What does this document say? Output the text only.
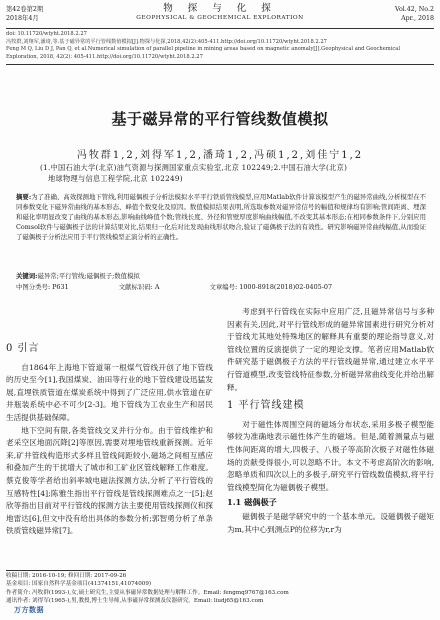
第42卷第2期
2018年4月
物 探 与 化 探
GEOPHYSICAL & GEOCHEMICAL EXPLORATION
Vol.42, No.2
Apr., 2018
doi: 10.11720/wtyht.2018.2.27
冯牧群,刘翔军,潘琦,等.基于磁异常的平行管线数值模拟[J].物探与化探,2018,42(2):405-411.http://doi.org/10.11720/wtyht.2018.2.27
Feng M Q, Liu D J, Pan Q, et al.Numerical simulation of parallel pipeline in mining areas based on magnetic anomaly[J].Geophysical and Geochemical
Exploration, 2018, 42(2): 405-411.http://doi.org/10.11720/wtyht.2018.2.27
基于磁异常的平行管线数值模拟
冯牧群1,2,刘得军1,2,潘琦1,2,冯硕1,2,刘佳宁1,2
(1.中国石油大学(北京)油气资源与探测国家重点实验室,北京 102249;2.中国石油大学(北京)
地球物理与信息工程学院,北京 102249)
摘要:为了准确、高效探测地下管线,利用磁偶极子分析法模拟水平平行铁质管线模型,应用Matlab软件计算该模型产生的磁异常曲线,分析模型在不同参数变化下磁异常曲线的基本形态、峰值个数变化及原因。数值模拟结果表明,所选取参数对磁异常信号的幅值和规律均有影响;管间距离、埋深和磁化率明显改变了曲线的基本形态,影响曲线峰值个数;管线长度、外径和管壁厚度影响曲线幅值,不改变其基本形态;在相同参数条件下,分别应用Comsol软件与磁偶极子法的计算结果对比,结果归一化后对比发现曲线形状吻合,验证了磁偶极子法的有效性。研究影响磁异常曲线幅值,从而验证了磁偶极子分析法应用于平行管线模型正演分析的正确性。
关键词:磁异常;平行管线;磁偶极子;数值模拟
中图分类号: P631	文献标识码: A	文章编号: 1000-8918(2018)02-0405-07
0 引言

自1864年上海地下管道第一根煤气管线开创了地下管线的历史至今[1],我国煤炭、油田等行业的地下管线建设迅猛发展,直埋铁质管道在煤炭系统中得到了广泛应用,供水管道在矿井瓶装系统中必不可少[2-3]。地下管线为工农业生产和居民生活提供基础保障。

地下空间有限,各类管线交叉并行分布。由于管线维护和老采空区地面沉降[2]等原因,需要对埋地管线重新探测。近年来,矿井管线构造形式多样且管线间距较小,磁场之间相互感应和叠加产生的干扰增大了城市和工矿业区管线解释工作难度。蔡克俊等学者给出斜率城电磁法探测方法,分析了平行管线的互感特性[4];陈雅生指出平行管线是管线探测难点之一[5];赵欣等指出目前对平行管线的探测方法主要使用管线探测仪和探地雷达[6],但文中没有给出具体的参数分析;郭智勇分析了单条铁质管线磁异常[7]。

考虑到平行管线在实际中应用广泛,且磁异常信号与多种因素有关,因此,对平行管线形成的磁异常国素进行研究分析对于管线尤其地处特殊地区的解释具有重要的理论指导意义,对管线位置的反演提供了一定的理论支撑。笔者应用Matlab软件研究基于磁偶极子方法的平行管线磁异常,通过建立水平平行管道模型,改变管线特征参数,分析磁异常曲线变化并给出解释。

1 平行管线建模

对于磁性体周围空间的磁场分布状态,采用多极子模型能够较为准确地表示磁性体产生的磁场。但是,随着测量点与磁性体间距离的增大,四极子、八极子等高阶次极子对磁性体磁场的贡献受得很小,可以忽略不计。本文不考虑高阶次的影响,忽略单质和四次以上的多极子,研究平行管线数值模拟,将平行管线模型简化为磁偶极子模型。

1.1 磁偶极子

磁偶极子是磁学研究中的一个基本单元。设磁偶极子磁矩为m,其中心到测点P的位移为r,r为

收稿日期: 2016-10-19; 修回日期: 2017-09-26
基金项目: 国家自然科学基金项目(41374151,41074009)
作者简介: 冯牧群(1993-),女,硕士研究生,主要从事磁异常数据处理与解释工作。Email: fengmq9767@163.com
通讯作者: 刘得军(1965-),男,教授,博士生导师,从事磁异常探测及仪器研究。Email: liudj65@163.com
万方数据
